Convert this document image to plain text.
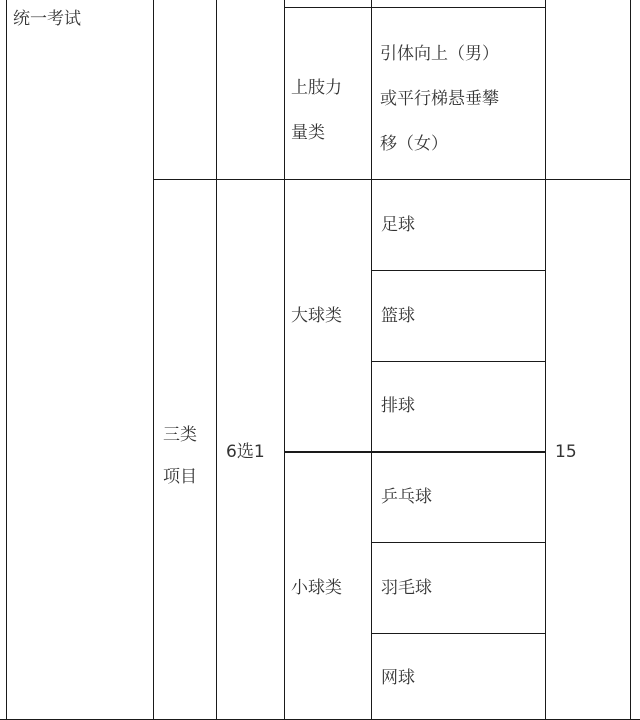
统一考试
上肢力
量类
引体向上（男）
或平行梯悬垂攀
移（女）
三类
项目
6选1	15
大球类
小球类
足球
篮球
排球
乒乓球
羽毛球
网球
